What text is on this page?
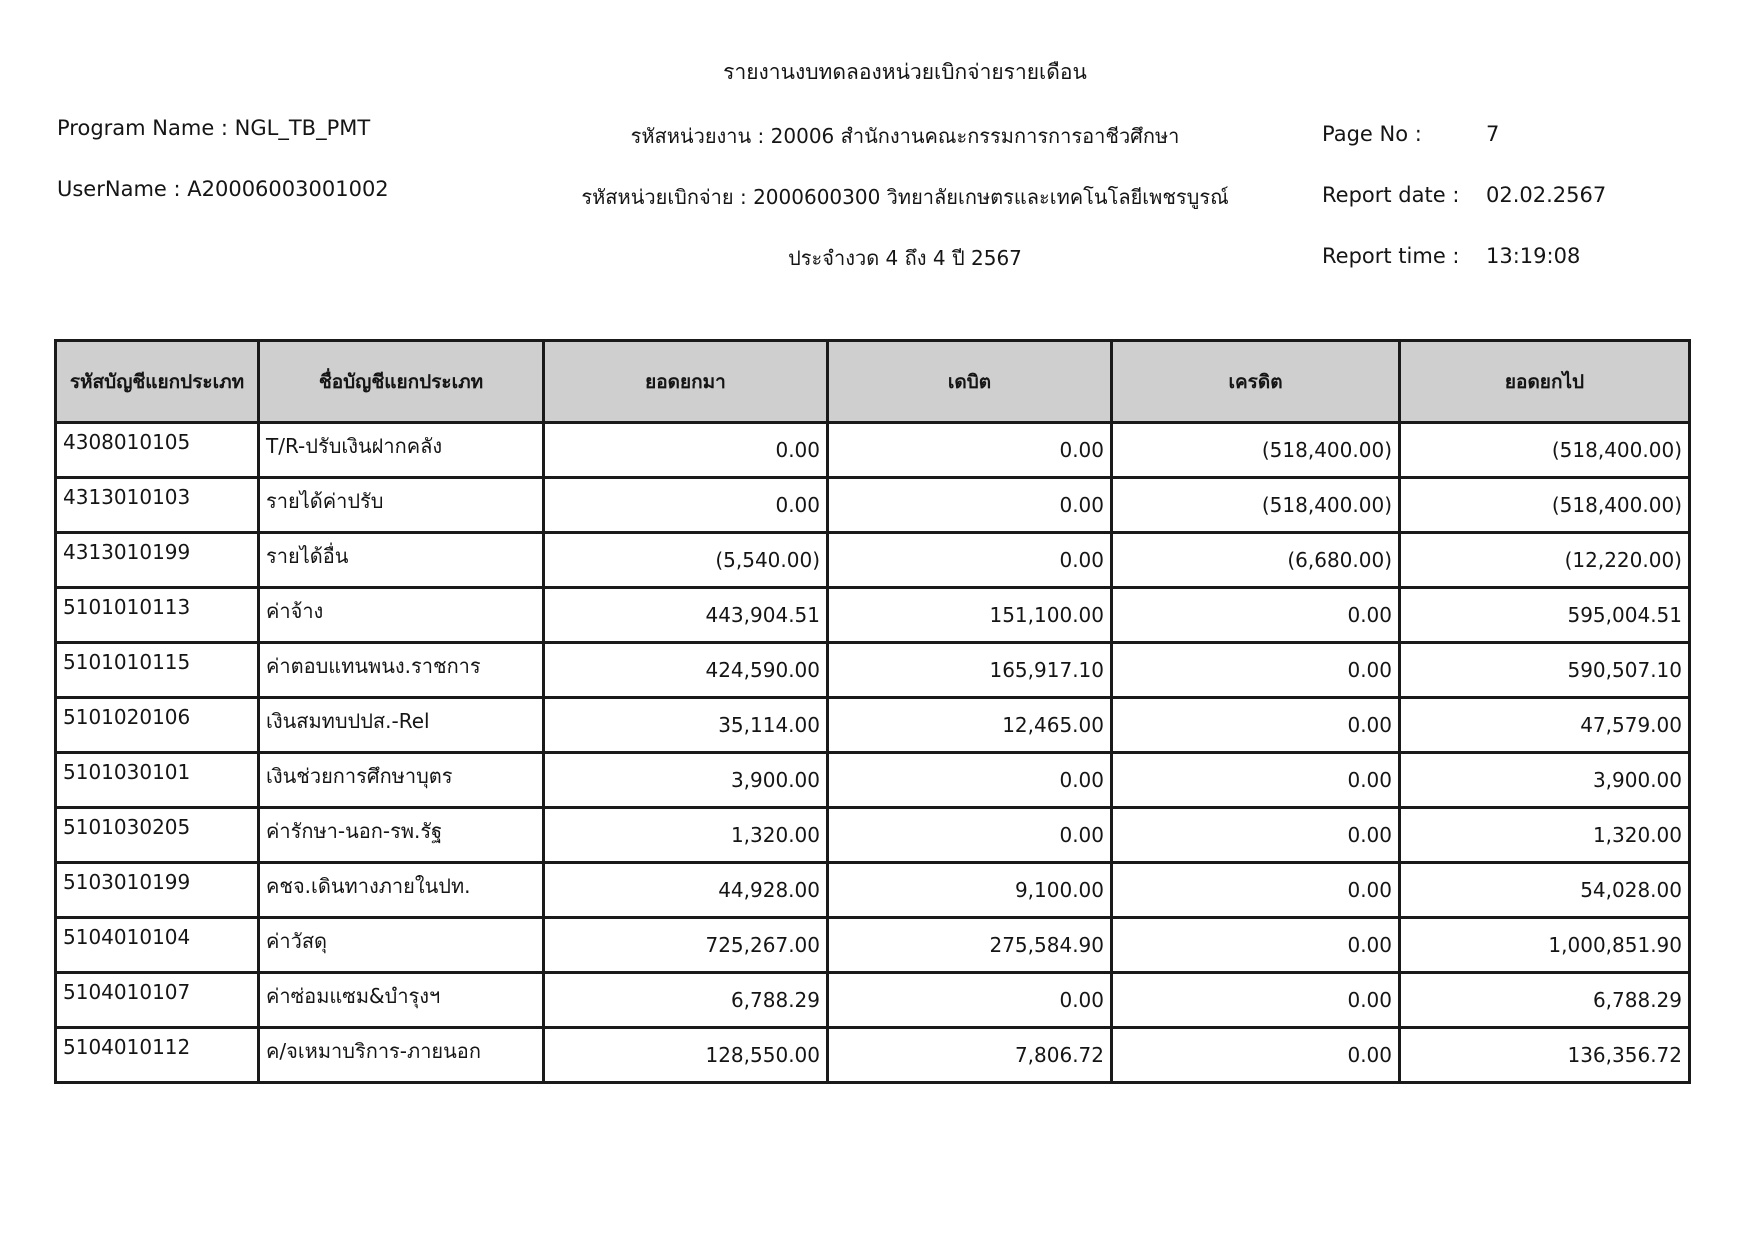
รายงานงบทดลองหน่วยเบิกจ่ายรายเดือน
Program Name : NGL_TB_PMT
UserName : A20006003001002
รหัสหน่วยงาน : 20006 สำนักงานคณะกรรมการการอาชีวศึกษา
รหัสหน่วยเบิกจ่าย : 2000600300 วิทยาลัยเกษตรและเทคโนโลยีเพชรบูรณ์
ประจำงวด 4 ถึง 4 ปี 2567
Page No :	7
Report date : 02.02.2567
Report time : 13:19:08
รหัสบัญชีแยกประเภท	ชื่อบัญชีแยกประเภท	ยอดยกมา	เดบิต	เครดิต	ยอดยกไป
4308010105	T/R-ปรับเงินฝากคลัง	0.00	0.00	(518,400.00)	(518,400.00)
4313010103	รายได้ค่าปรับ	0.00	0.00	(518,400.00)	(518,400.00)
4313010199	รายได้อื่น	(5,540.00)	0.00	(6,680.00)	(12,220.00)
5101010113	ค่าจ้าง	443,904.51	151,100.00	0.00	595,004.51
5101010115	ค่าตอบแทนพนง.ราชการ	424,590.00	165,917.10	0.00	590,507.10
5101020106	เงินสมทบปปส.-Rel	35,114.00	12,465.00	0.00	47,579.00
5101030101	เงินช่วยการศึกษาบุตร	3,900.00	0.00	0.00	3,900.00
5101030205	ค่ารักษา-นอก-รพ.รัฐ	1,320.00	0.00	0.00	1,320.00
5103010199	คชจ.เดินทางภายในปท.	44,928.00	9,100.00	0.00	54,028.00
5104010104	ค่าวัสดุ	725,267.00	275,584.90	0.00	1,000,851.90
5104010107	ค่าซ่อมแซม&บำรุงฯ	6,788.29	0.00	0.00	6,788.29
5104010112	ค/จเหมาบริการ-ภายนอก	128,550.00	7,806.72	0.00	136,356.72
